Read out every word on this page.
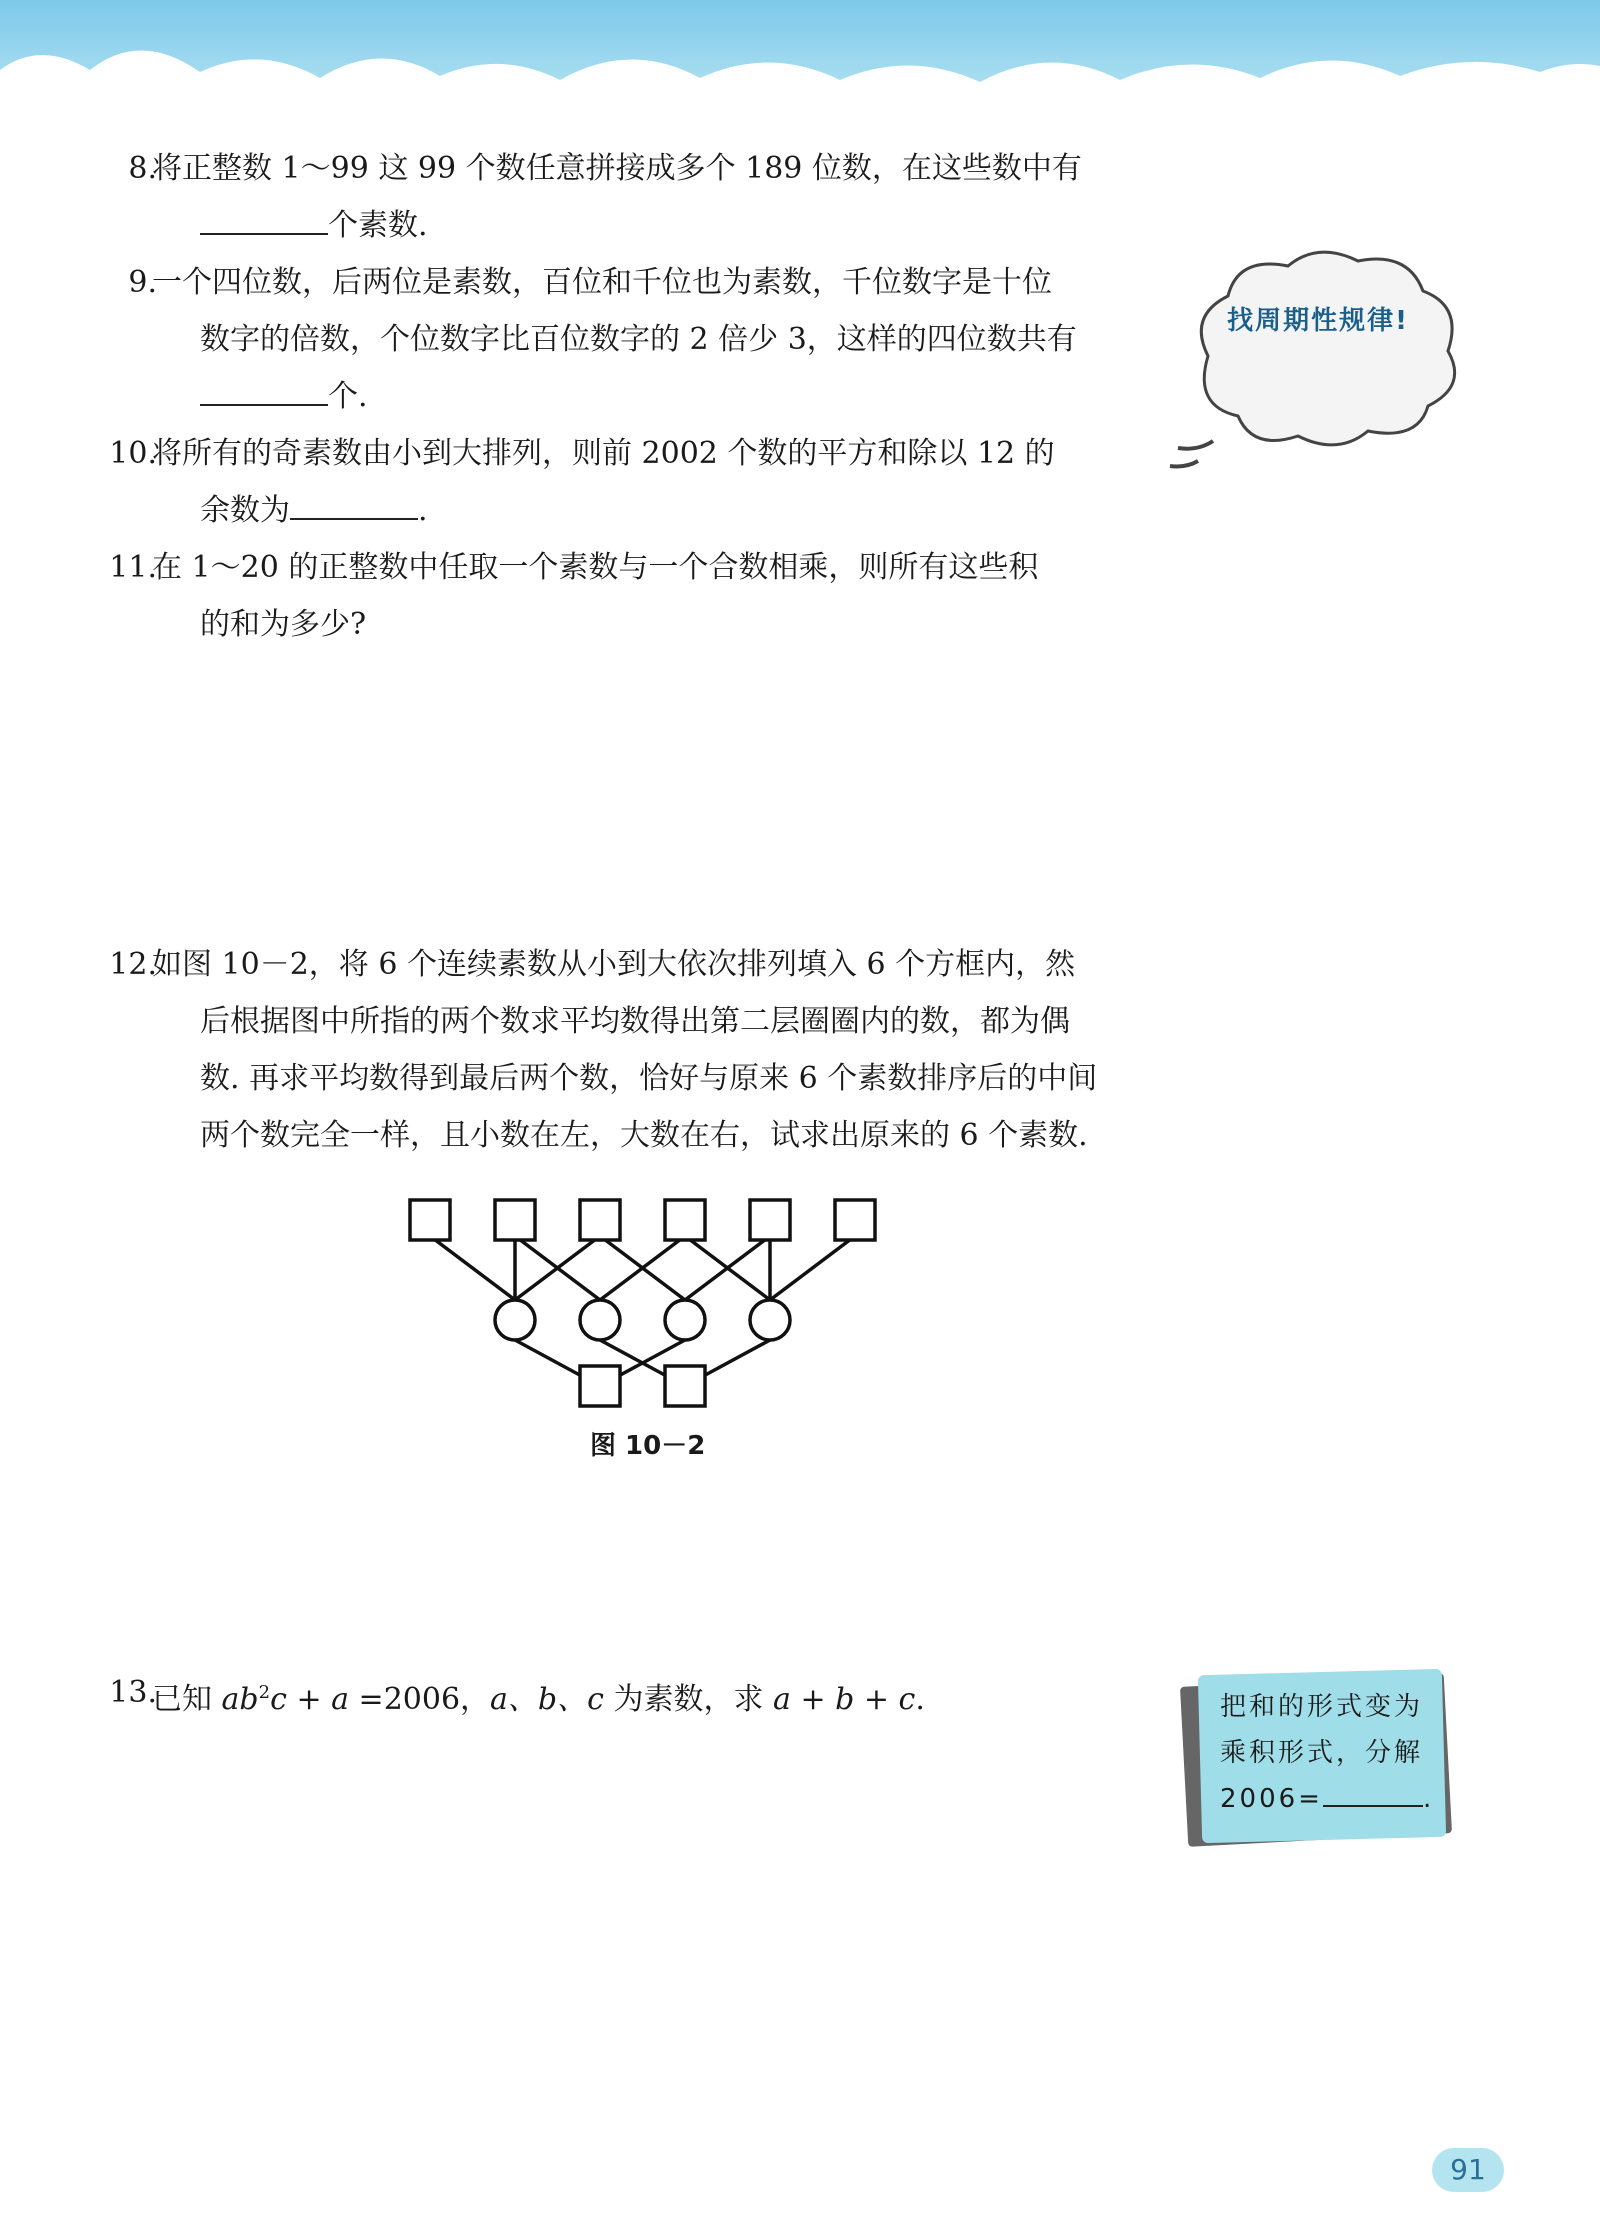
8.
将正整数 1～99 这 99 个数任意拼接成多个 189 位数，在这些数中有
个素数.
9.
一个四位数，后两位是素数，百位和千位也为素数，千位数字是十位
数字的倍数，个位数字比百位数字的 2 倍少 3，这样的四位数共有
个.
10.
将所有的奇素数由小到大排列，则前 2002 个数的平方和除以 12 的
余数为	.
11.
在 1～20 的正整数中任取一个素数与一个合数相乘，则所有这些积
的和为多少?
12.
如图 10－2，将 6 个连续素数从小到大依次排列填入 6 个方框内，然
后根据图中所指的两个数求平均数得出第二层圈圈内的数，都为偶
数. 再求平均数得到最后两个数，恰好与原来 6 个素数排序后的中间
两个数完全一样，且小数在左，大数在右，试求出原来的 6 个素数.
图 10－2
13.
已知 $ab^2c + a =2006$，a、b、c 为素数，求 a + b + c.
找周期性规律!
把和的形式变为
乘积形式，分解
2006=	.
91
